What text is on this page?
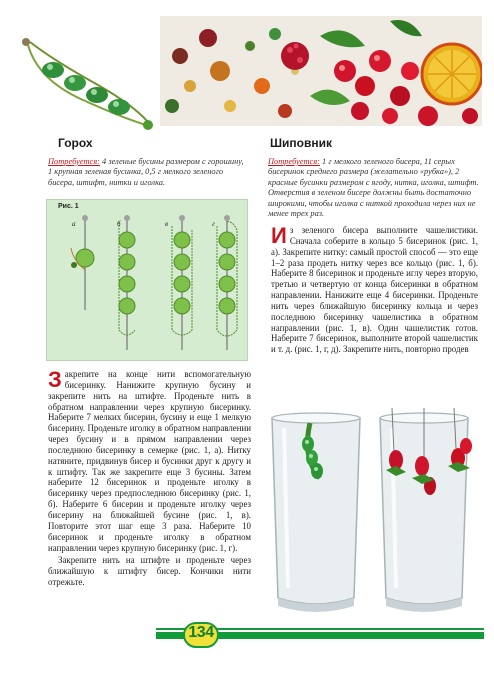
Горох	Шиповник
Потребуется: 4 зеленые бусины размером с горошину, 1 крупная зеленая бусинка, 0,5 г мелкого зеленого бисера, штифт, нитки и иголка.
Потребуется: 1 г мелкого зеленого бисера, 11 серых бисеринок среднего размера (желательно «рубка»), 2 красные бусинки размером с ягоду, нитка, иголка, штифт. Отверстия в зеленом бисере должны быть достаточно широкими, чтобы иголка с ниткой проходила через них не менее трех раз.
Рис. 1
а	б	в	г

Закрепите на конце нити вспомогательную бисеринку. Нанижите крупную бусину и закрепите нить на штифте. Проденьте нить в обратном направлении через крупную бисеринку. Наберите 7 мелких бисерин, бусину и еще 1 мелкую бисерину. Проденьте иголку в обратном направлении через бусину и в прямом направлении через последнюю бисеринку в семерке (рис. 1, а). Нитку натяните, придвинув бисер и бусинки друг к другу и к штифту. Так же закрепите еще 3 бусины. Затем наберите 12 бисеринок и проденьте иголку в бисеринку через предпоследнюю бисеринку (рис. 1, б). Наберите 6 бисерин и проденьте иголку через бисерину на ближайшей бусине (рис. 1, в). Повторите этот шаг еще 3 раза. Наберите 10 бисеринок и проденьте иголку в обратном направлении через крупную бисеринку (рис. 1, г).

Закрепите нить на штифте и проденьте через ближайшую к штифту бисер. Кончики нити отрежьте.

Из зеленого бисера выполните чашелистики. Сначала соберите в кольцо 5 бисеринок (рис. 1, а). Закрепите нитку: самый простой способ — это еще 1–2 раза продеть нитку через все кольцо (рис. 1, б). Наберите 8 бисеринок и проденьте иглу через вторую, третью и четвертую от конца бисеринки в обратном направлении. Нанижите еще 4 бисеринки. Проденьте нить через ближайшую бисеринку кольца и через последнюю бисеринку чашелистика в обратном направлении (рис. 1, в). Один чашелистик готов. Наберите 7 бисеринок, выполните второй чашелистик и т. д. (рис. 1, г, д). Закрепите нить, повторно продев

134
